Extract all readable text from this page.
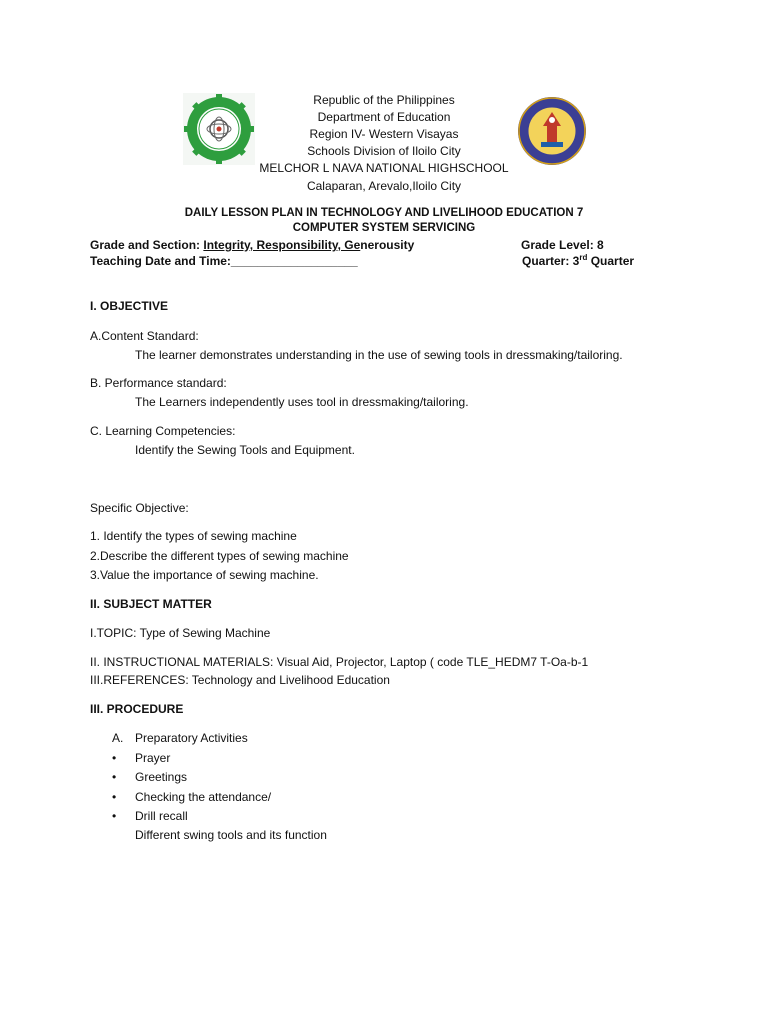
Republic of the Philippines
Department of Education
Region IV- Western Visayas
Schools Division of Iloilo City
MELCHOR L NAVA NATIONAL HIGHSCHOOL
Calaparan, Arevalo,Iloilo City
DAILY LESSON PLAN IN TECHNOLOGY AND LIVELIHOOD EDUCATION 7
COMPUTER SYSTEM SERVICING
Grade and Section: Integrity, Responsibility, Generousity	Grade Level: 8
Teaching Date and Time:___________________	Quarter: 3rd Quarter
I. OBJECTIVE
A.Content Standard:
The learner demonstrates understanding in the use of sewing tools in dressmaking/tailoring.
B. Performance standard:
The Learners independently uses tool in dressmaking/tailoring.
C. Learning Competencies:
Identify the Sewing Tools and Equipment.
Specific Objective:
1. Identify the types of sewing machine
2.Describe the different types of sewing machine
3.Value the importance of sewing machine.
II. SUBJECT MATTER
I.TOPIC: Type of Sewing Machine
II. INSTRUCTIONAL MATERIALS: Visual Aid, Projector, Laptop ( code TLE_HEDM7 T-Oa-b-1
III.REFERENCES: Technology and Livelihood Education
III. PROCEDURE
A. Preparatory Activities
• Prayer
• Greetings
• Checking the attendance/
• Drill recall
Different swing tools and its function
